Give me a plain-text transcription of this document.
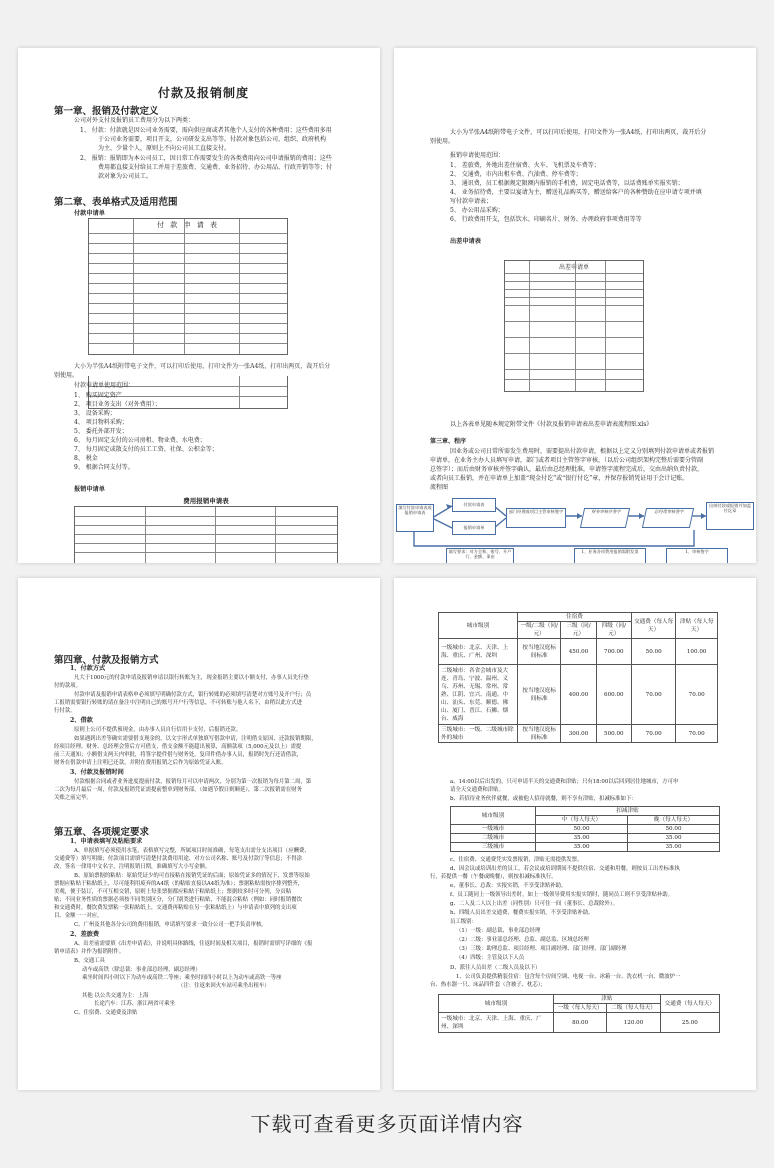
付款及报销制度
第一章、报销及付款定义
公司对外支付及报销员工费用分为以下两类：
1、 付款：付款就是因公司业务需要，需向供应商或者其他个人支付的各种费用；这些费用多用
于公司业务需要，项目开支，公司研发支出等等。付款对象包括公司、组织、政府机构
为主，少量个人，原则上不向公司员工直接支付。
2、 报销：报销即为本公司员工，因日常工作需要发生的各类费用向公司申请报销的费用；这些
费用都直接支付给员工并用于差旅费、交通费、业务招待、办公用品、行政开销等等；付
款对象为公司员工。
第二章、表单格式及适用范围
付款申请单
付 款 申 请 表
大小为半张A4纸附带电子文件，可以打印后使用，打印文件为一张A4纸，打印出两页，裁开后分
别使用。
付款申请单使用范围：
1、 购买固定资产
2、 项目业务支出（对外费用）；
3、 设备采购；
4、 项目物料采购；
5、 委托外部开发；
6、 每月固定支付的公司房租、物业费、水电费；
7、 每月固定或散支付的员工工资、社保、公积金等；
8、 税金
9、 根据合同支付等。
报销申请单
费用报销申请表
大小为半张A4纸附带电子文件，可以打印后使用，打印文件为一张A4纸，打印出两页，裁开后分
别使用。
报销申请使用范围：
1、 差旅费，外地出差住宿费、火车、飞机票及车费等；
2、 交通费，市内出租车费、汽油费、停车费等；
3、 通讯费，员工根据规定限额内报销的手机费，固定电话费等，以话费账单实报实销；
4、 业务招待费，主要以宴请为主，赠送礼品购买等，赠送给客户的各种赞助在应申请专项并填
写付款申请表；
5、 办公用品采购；
6、 行政费用开支，包括饮水、印刷名片、财务、办理政府事项费用等等
出差申请表
出差申请单
以上各表单见随本规定附带文件《付款及报销申请表出差申请表流程图.xls》
第三章、程序
因业务或公司日常所需发生费用时，需要提出付款申请，根据以上定义分别填列付款申请单或者报销
申请单，在业务主办人员填写申请，部门或者项目主管签字审核，（以后公司组织架构完整后需要分管副
总签字）；而后由财务审核并签字确认，最后由总经理批准，申请签字流程完成后，交由出纳负责付款，
或者向员工报销，并在申请单上加盖“现金付讫”或“银行付讫”章，并保存报销凭证用于会计记账。
流程图
填写付款申请表或报销申请表
付款申请表
报销申请单
部门经理或项目主管审核签字	财务审核并签字	总经理审核签字
出纳付款或报销并加盖付讫章
填写要求：对方全称、账号、开户行、金额、事由
1、业务各项费用报销需附发票	1、审核签字
第四章、付款及报销方式
1、付款方式
凡大于1000元的付款申请及报销申请以银行转账为主，现金报销主要以小额支付，办事人员先行垫
付的款项。
付款申请及报销申请表格申必须填写明确付款方式，银行转账的必须填写清楚对方账号及开户行；员
工报销需要银行转账的请在备注中注明自己的账号开户行等信息，不可转账与他人名下，由稍以此方式进
行付款。
2、借款
原则上公司不提供预现金，由办事人员自行信用卡支付，后报销还款。
如果遇到出差等确实需要借支现金的，以文字形式单独填写借款申请，注明借支原因、还款报销期限，
经项目经理、财务、总经理会签后方可借支，借支金额不能超出预算，高额款项（5,000元及以上）需提
前三天通知；小额借支两天内审批，将签字提件借与财务处，复印件借办事人员，报销时先行还清借款，
财务在借款申请上注明已还款，并附在费用报销之后作为原始凭证入账。
3、付款及报销时间
付款根据合同或者业务进度提前付款，报销每月可以申请两次，分别为第一次报销为每月第二周，第
二次为每月最后一周，付款及报销凭证需提前整单到财务部，（如遇节假日则顺延），第二次报销需在财务
关账之前完毕。
第五章、各项规定要求
1、申请表填写及粘贴要求
A、单据填写必须使用水笔，表格填写完整，所属项目时间准确，每笔支出需分支出项目（应酬费、
交通费等）填写明细；付款项目需填写清楚付款费用用途、对方公司名称、账号及付款厅等信息；不得涂
改，签名一律用中文名字，注明报销日期，准确填写大小写金额。
B、原始票据的粘贴：原始凭证少的可直接粘在报销凭证的后面；原始凭证多的情况下，发票等原始
票据应粘贴于粘贴纸上，尽可能利用废弃的A4纸（的粘贴直接以A4纸为准）；票据粘贴需按序排列整齐，
美观，便于装订，不可互相交错，原则上每张票据都应粘贴于粘贴纸上；票据较多时可分列，分页粘
贴；不同业务性质的票据必须按不同类别区分，分门别类进行粘贴，不能混合粘贴（例如：同时报销餐饮
和交通费时，餐饮费发票粘一张粘贴纸上，交通费再粘贴在另一张粘贴纸上）与申请表中填列的支出项
目、金额一一对应。
C、广州及其他各分公司的费用报销，申请填写要求一致分公司一把手负责审核。
2、差旅费
A、出差前需要填《出差申请表》，并说明具体路线，往返时间及相关项目，报销时需填写详细的《报
销申请表》并作为报销附件。
B、交通工具
动车或高铁（除总裁：事业部总经理、副总经理）
乘坐时间四小时以下为动车或高铁二等座；乘坐时间四小时以上为动车或高铁一等座
（注：往返来回火车站可乘坐出租车）
其他 以公共交通为主：上海
长途汽车：江苏、浙江两省可乘坐
C、住宿费、交通费及津贴
城市级别	住宿费			交通费（每人每天）	津贴（每人每天）
	一级/二级（同/元）	三级（同/元）	四级（同/元）		
一级城市：北京、天津、上海、重庆、广州、深圳	按当地汉庭标间标准	450.00	700.00	50.00	100.00
二级城市：各省会城市及大连、青岛、宁波、温州、义乌、苏州、无锡、常州、常熟、江阴、宜兴、南通、中山、汕头、东莞、顺德、佛山、厦门、晋江、石狮、烟台、威海	按当地汉庭标间标准	400.00	600.00	70.00	70.00
三级城市：一级、二级城市除外的城市	按当地汉庭标间标准	300.00	500.00	70.00	70.00
a、14:00以后出发的，只可申请半天的交通费和津贴；只有18:00以后回到居住地城市，方可申
请全天交通费和津贴。
b、若招待业务伙伴就餐，或被他人招待就餐，则不享有津贴，扣减标准如下：
城市级别	扣减津贴	
	中（每人每天）	晚（每人每天）
一级城市	50.00	50.00
二级城市	35.00	35.00
三级城市	35.00	35.00
c、住宿费、交通费凭实发票报销，津贴无需提供发票。
d、因会议或培训出差的员工，若会议或培训期间不提供住宿、交通和用餐，则按员工出差标准执
行，若提供一餐（午餐或晚餐），则按扣减标准执行。
e、董事长、总裁：实报实销，不享受津贴补助。
f、员工随同上一级领导出差时，如上一级领导费用实报实销时，随同员工则不享受津贴补助。
g、二人及二人以上出差（同性别）只可住一间（董事长、总裁除外）。
h、四级人员出差交通费、餐费实报实销，不享受津贴补助。
员工级别：
（1）一级：副总裁、事业部总经理
（2）二级：事业部总经理、总监、副总监、区域总经理
（3）三级：助理总监、项目经理、项目副经理、部门经理、部门副经理
（4）四级：主管及以下人员
D、派往人员出差（二级人员及以下）
1、公司负责提供精装住宿：包含每个房间空调、电视一台、冰箱一台、洗衣机一台、微波炉一
台、热水器一只、床品四件套（含被子、枕芯）；
城市级别	津贴		交通费（每人每天）
	一级（每人每天）	二级（每人每天）	
一级城市：北京、天津、上海、重庆、广州、深圳	80.00	120.00	25.00
下载可查看更多页面详情内容
